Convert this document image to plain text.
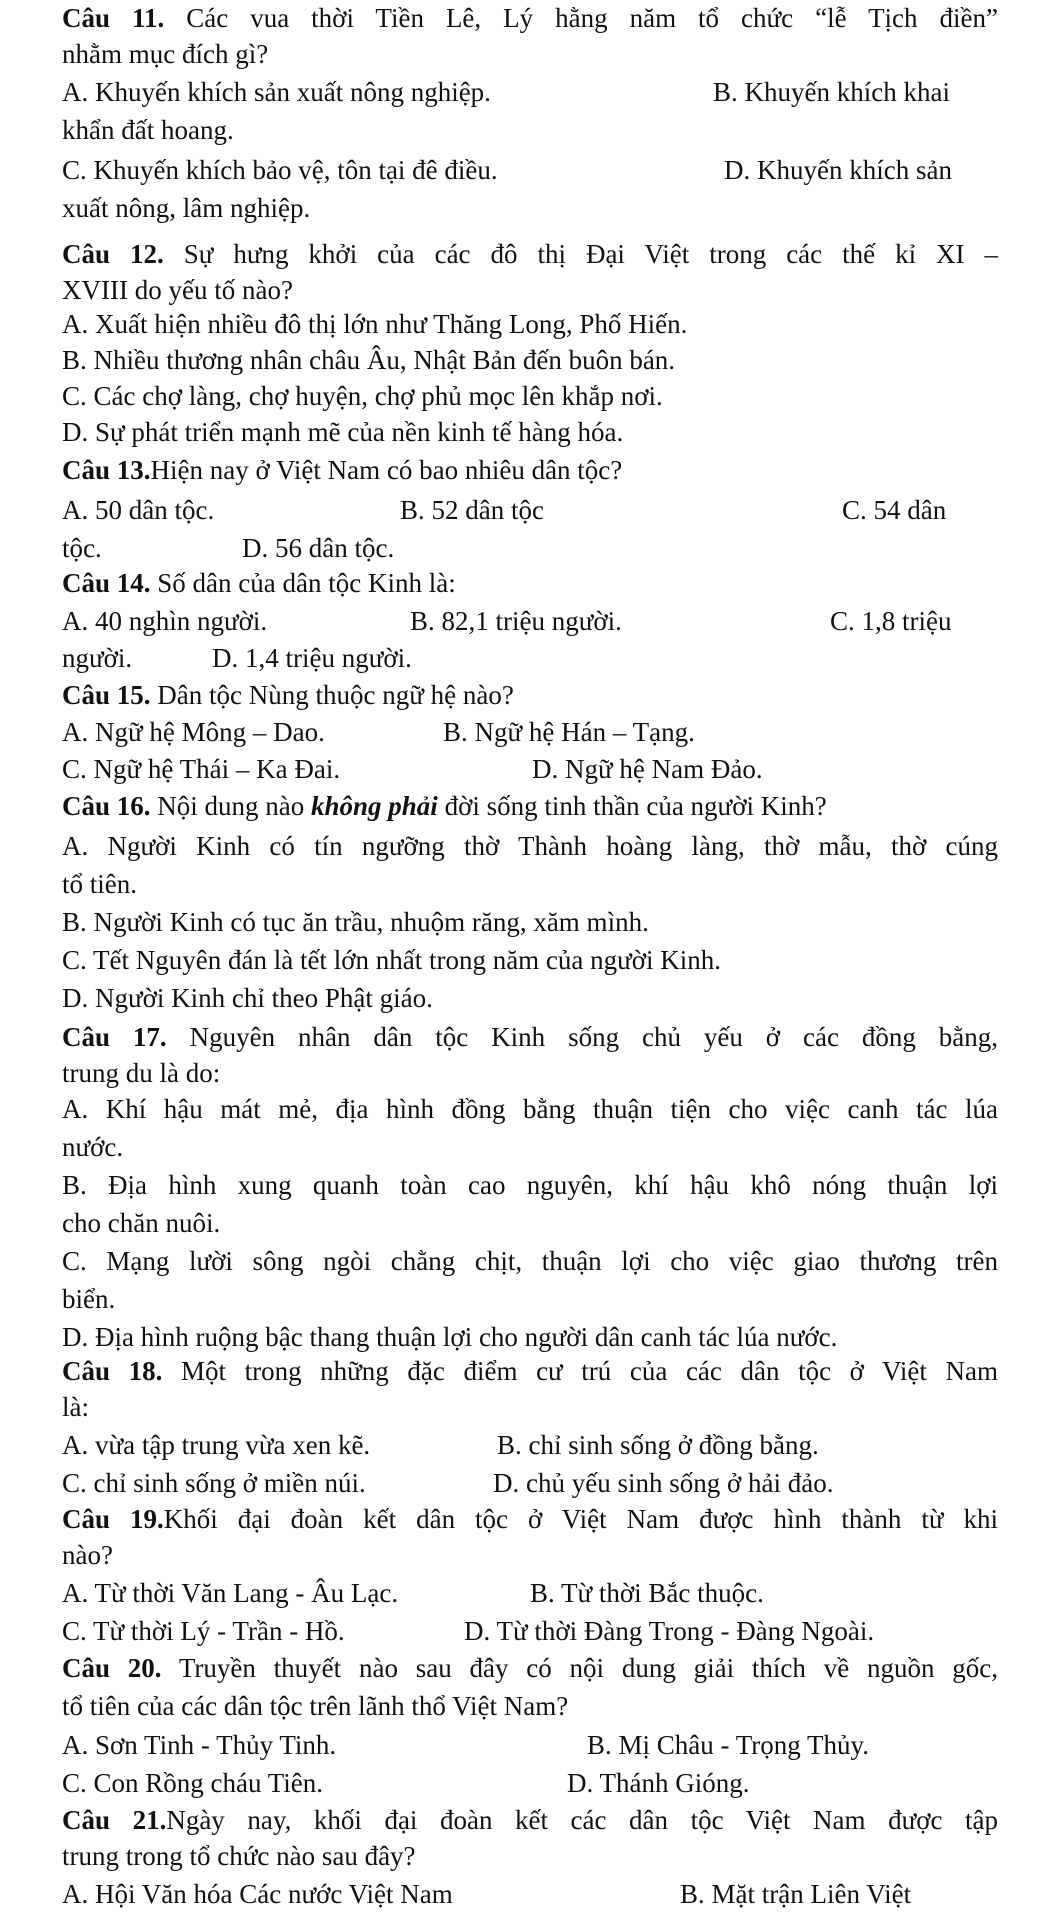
Câu 11. Các vua thời Tiền Lê, Lý hằng năm tổ chức “lễ Tịch điền”
nhằm mục đích gì?
A. Khuyến khích sản xuất nông nghiệp.	B. Khuyến khích khai
khẩn đất hoang.
C. Khuyến khích bảo vệ, tôn tại đê điều.	D. Khuyến khích sản
xuất nông, lâm nghiệp.
Câu 12. Sự hưng khởi của các đô thị Đại Việt trong các thế kỉ XI –
XVIII do yếu tố nào?
A. Xuất hiện nhiều đô thị lớn như Thăng Long, Phố Hiến.
B. Nhiều thương nhân châu Âu, Nhật Bản đến buôn bán.
C. Các chợ làng, chợ huyện, chợ phủ mọc lên khắp nơi.
D. Sự phát triển mạnh mẽ của nền kinh tế hàng hóa.
Câu 13.Hiện nay ở Việt Nam có bao nhiêu dân tộc?
A. 50 dân tộc.	B. 52 dân tộc	C. 54 dân
tộc.	D. 56 dân tộc.
Câu 14. Số dân của dân tộc Kinh là:
A. 40 nghìn người.	B. 82,1 triệu người.	C. 1,8 triệu
người.	D. 1,4 triệu người.
Câu 15. Dân tộc Nùng thuộc ngữ hệ nào?
A. Ngữ hệ Mông – Dao.	B. Ngữ hệ Hán – Tạng.
C. Ngữ hệ Thái – Ka Đai.	D. Ngữ hệ Nam Đảo.
Câu 16. Nội dung nào không phải đời sống tinh thần của người Kinh?
A. Người Kinh có tín ngưỡng thờ Thành hoàng làng, thờ mẫu, thờ cúng
tổ tiên.
B. Người Kinh có tục ăn trầu, nhuộm răng, xăm mình.
C. Tết Nguyên đán là tết lớn nhất trong năm của người Kinh.
D. Người Kinh chỉ theo Phật giáo.
Câu 17. Nguyên nhân dân tộc Kinh sống chủ yếu ở các đồng bằng,
trung du là do:
A. Khí hậu mát mẻ, địa hình đồng bằng thuận tiện cho việc canh tác lúa
nước.
B. Địa hình xung quanh toàn cao nguyên, khí hậu khô nóng thuận lợi
cho chăn nuôi.
C. Mạng lười sông ngòi chằng chịt, thuận lợi cho việc giao thương trên
biển.
D. Địa hình ruộng bậc thang thuận lợi cho người dân canh tác lúa nước.
Câu 18. Một trong những đặc điểm cư trú của các dân tộc ở Việt Nam
là:
A. vừa tập trung vừa xen kẽ.	B. chỉ sinh sống ở đồng bằng.
C. chỉ sinh sống ở miền núi.	D. chủ yếu sinh sống ở hải đảo.
Câu 19.Khối đại đoàn kết dân tộc ở Việt Nam được hình thành từ khi
nào?
A. Từ thời Văn Lang - Âu Lạc.	B. Từ thời Bắc thuộc.
C. Từ thời Lý - Trần - Hồ.	D. Từ thời Đàng Trong - Đàng Ngoài.
Câu 20. Truyền thuyết nào sau đây có nội dung giải thích về nguồn gốc,
tổ tiên của các dân tộc trên lãnh thổ Việt Nam?
A. Sơn Tinh - Thủy Tinh.	B. Mị Châu - Trọng Thủy.
C. Con Rồng cháu Tiên.	D. Thánh Gióng.
Câu 21.Ngày nay, khối đại đoàn kết các dân tộc Việt Nam được tập
trung trong tổ chức nào sau đây?
A. Hội Văn hóa Các nước Việt Nam	B. Mặt trận Liên Việt
